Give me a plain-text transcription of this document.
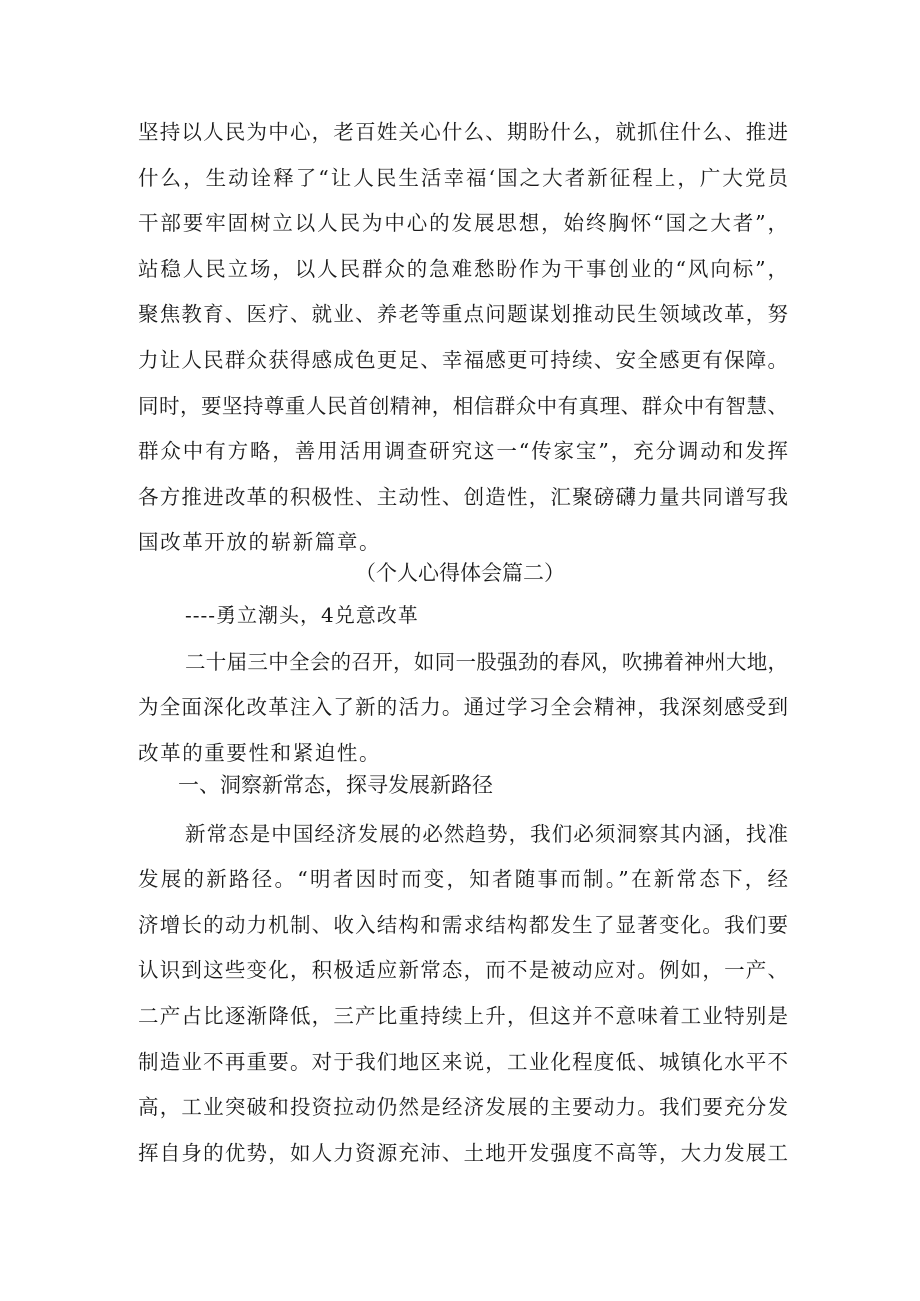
坚持以人民为中心，老百姓关心什么、期盼什么，就抓住什么、推进
什么，生动诠释了“让人民生活幸福‘国之大者新征程上，广大党员
干部要牢固树立以人民为中心的发展思想，始终胸怀“国之大者”，
站稳人民立场，以人民群众的急难愁盼作为干事创业的“风向标”，
聚焦教育、医疗、就业、养老等重点问题谋划推动民生领域改革，努
力让人民群众获得感成色更足、幸福感更可持续、安全感更有保障。
同时，要坚持尊重人民首创精神，相信群众中有真理、群众中有智慧、
群众中有方略，善用活用调查研究这一“传家宝”，充分调动和发挥
各方推进改革的积极性、主动性、创造性，汇聚磅礴力量共同谱写我
国改革开放的崭新篇章。
（个人心得体会篇二）
----勇立潮头，4兑意改革
二十届三中全会的召开，如同一股强劲的春风，吹拂着神州大地，
为全面深化改革注入了新的活力。通过学习全会精神，我深刻感受到
改革的重要性和紧迫性。
一、洞察新常态，探寻发展新路径
新常态是中国经济发展的必然趋势，我们必须洞察其内涵，找准
发展的新路径。“明者因时而变，知者随事而制。”在新常态下，经
济增长的动力机制、收入结构和需求结构都发生了显著变化。我们要
认识到这些变化，积极适应新常态，而不是被动应对。例如，一产、
二产占比逐渐降低，三产比重持续上升，但这并不意味着工业特别是
制造业不再重要。对于我们地区来说，工业化程度低、城镇化水平不
高，工业突破和投资拉动仍然是经济发展的主要动力。我们要充分发
挥自身的优势，如人力资源充沛、土地开发强度不高等，大力发展工
